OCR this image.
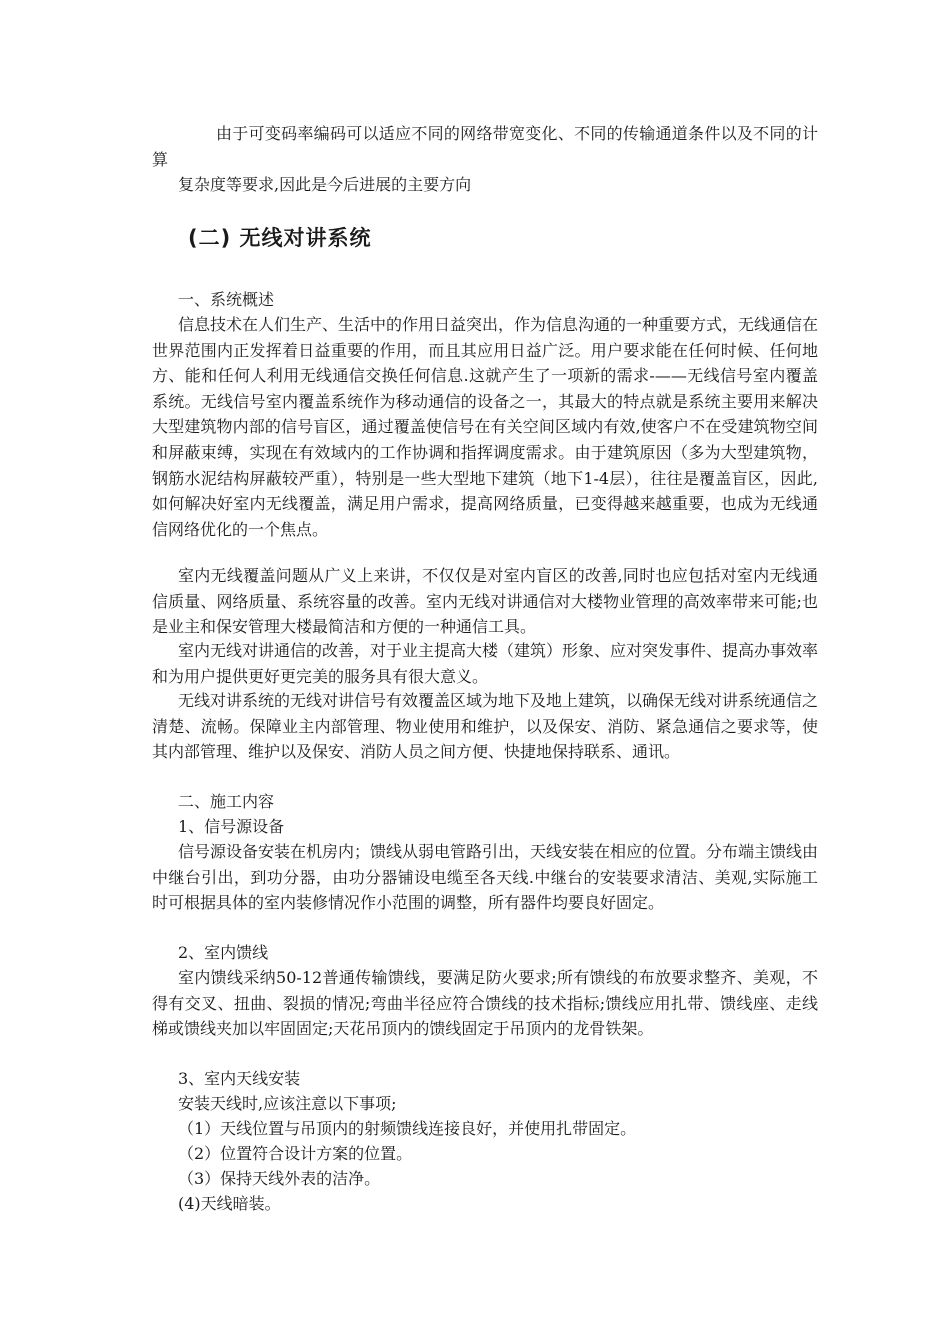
由于可变码率编码可以适应不同的网络带宽变化、不同的传输通道条件以及不同的计算

复杂度等要求,因此是今后进展的主要方向

(二) 无线对讲系统

一、系统概述

信息技术在人们生产、生活中的作用日益突出，作为信息沟通的一种重要方式，无线通信在世界范围内正发挥着日益重要的作用，而且其应用日益广泛。用户要求能在任何时候、任何地方、能和任何人利用无线通信交换任何信息.这就产生了一项新的需求-——无线信号室内覆盖系统。无线信号室内覆盖系统作为移动通信的设备之一，其最大的特点就是系统主要用来解决大型建筑物内部的信号盲区，通过覆盖使信号在有关空间区域内有效,使客户不在受建筑物空间和屏蔽束缚，实现在有效域内的工作协调和指挥调度需求。由于建筑原因（多为大型建筑物，钢筋水泥结构屏蔽较严重），特别是一些大型地下建筑（地下1-4层），往往是覆盖盲区，因此,如何解决好室内无线覆盖，满足用户需求，提高网络质量，已变得越来越重要，也成为无线通信网络优化的一个焦点。

室内无线覆盖问题从广义上来讲，不仅仅是对室内盲区的改善,同时也应包括对室内无线通信质量、网络质量、系统容量的改善。室内无线对讲通信对大楼物业管理的高效率带来可能;也是业主和保安管理大楼最简洁和方便的一种通信工具。

室内无线对讲通信的改善，对于业主提高大楼（建筑）形象、应对突发事件、提高办事效率和为用户提供更好更完美的服务具有很大意义。

无线对讲系统的无线对讲信号有效覆盖区域为地下及地上建筑，以确保无线对讲系统通信之清楚、流畅。保障业主内部管理、物业使用和维护，以及保安、消防、紧急通信之要求等，使其内部管理、维护以及保安、消防人员之间方便、快捷地保持联系、通讯。

二、施工内容

1、信号源设备

信号源设备安装在机房内；馈线从弱电管路引出，天线安装在相应的位置。分布端主馈线由中继台引出，到功分器，由功分器铺设电缆至各天线.中继台的安装要求清洁、美观,实际施工时可根据具体的室内装修情况作小范围的调整，所有器件均要良好固定。

2、室内馈线

室内馈线采纳50-12普通传输馈线，要满足防火要求;所有馈线的布放要求整齐、美观，不得有交叉、扭曲、裂损的情况;弯曲半径应符合馈线的技术指标;馈线应用扎带、馈线座、走线梯或馈线夹加以牢固固定;天花吊顶内的馈线固定于吊顶内的龙骨铁架。

3、室内天线安装

安装天线时,应该注意以下事项;

（1）天线位置与吊顶内的射频馈线连接良好，并使用扎带固定。

（2）位置符合设计方案的位置。

（3）保持天线外表的洁净。

(4)天线暗装。
